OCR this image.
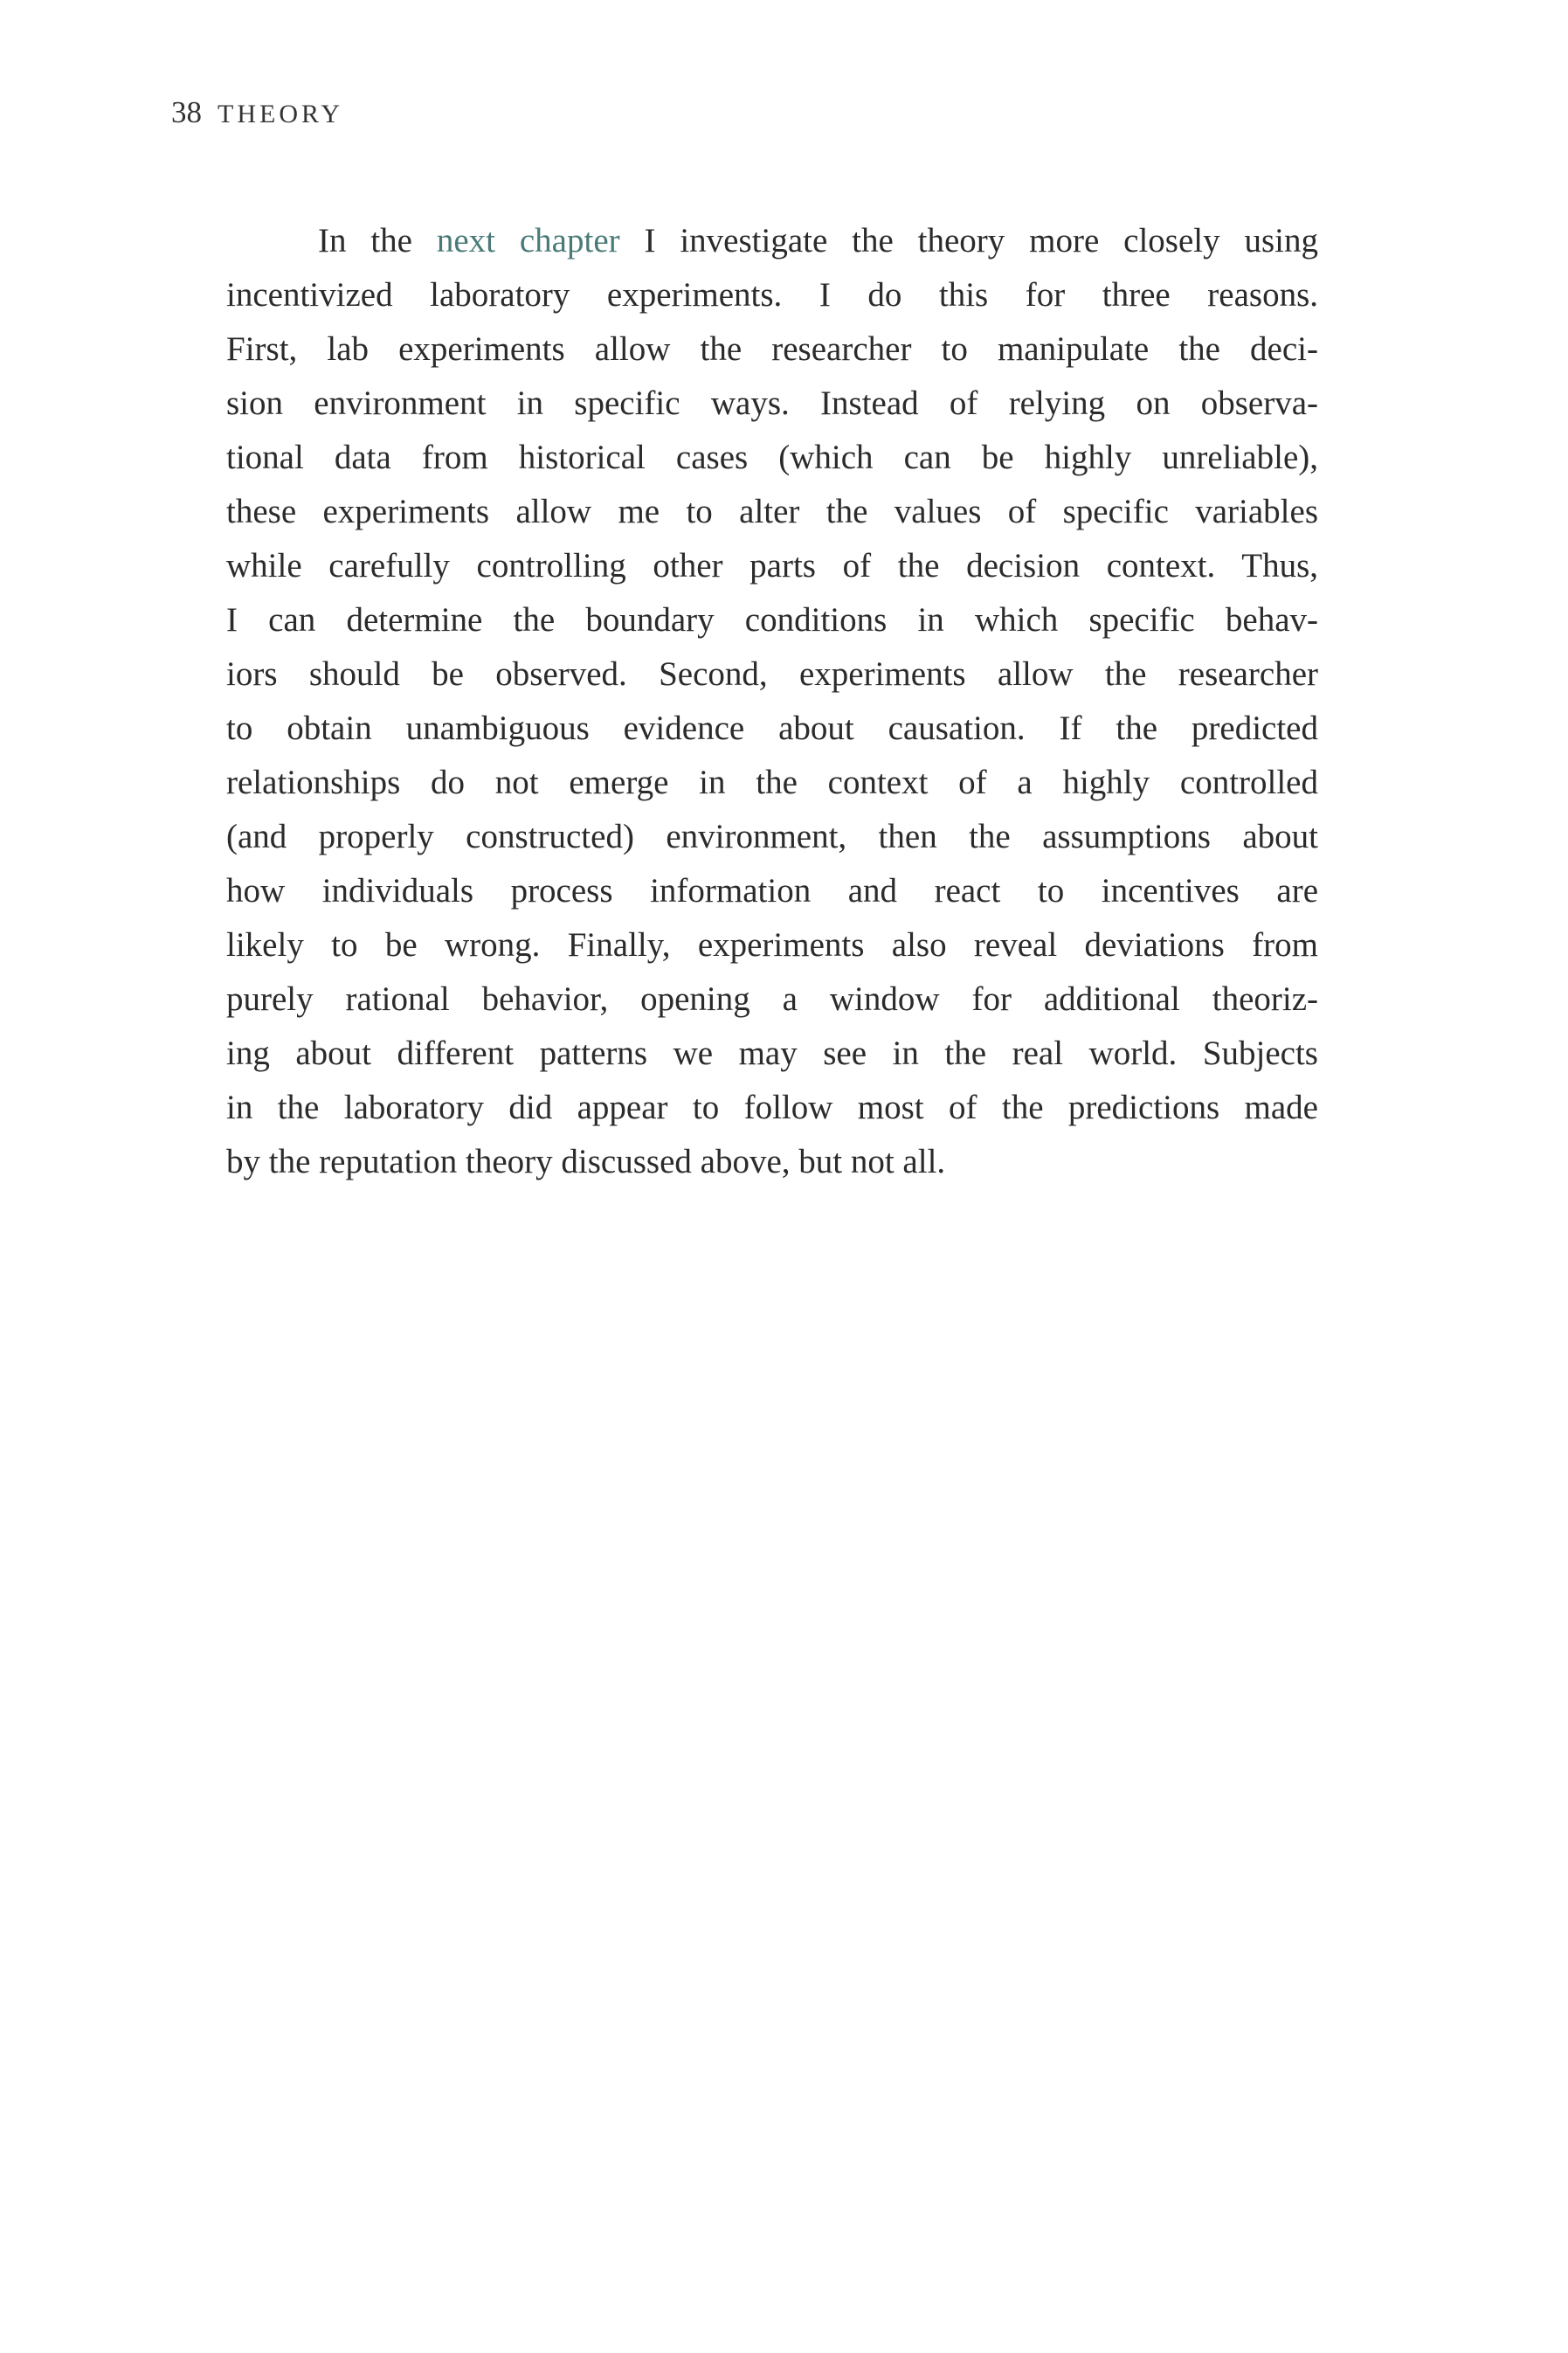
38 THEORY
In the next chapter I investigate the theory more closely using
incentivized laboratory experiments. I do this for three reasons.
First, lab experiments allow the researcher to manipulate the deci-
sion environment in specific ways. Instead of relying on observa-
tional data from historical cases (which can be highly unreliable),
these experiments allow me to alter the values of specific variables
while carefully controlling other parts of the decision context. Thus,
I can determine the boundary conditions in which specific behav-
iors should be observed. Second, experiments allow the researcher
to obtain unambiguous evidence about causation. If the predicted
relationships do not emerge in the context of a highly controlled
(and properly constructed) environment, then the assumptions about
how individuals process information and react to incentives are
likely to be wrong. Finally, experiments also reveal deviations from
purely rational behavior, opening a window for additional theoriz-
ing about different patterns we may see in the real world. Subjects
in the laboratory did appear to follow most of the predictions made
by the reputation theory discussed above, but not all.
